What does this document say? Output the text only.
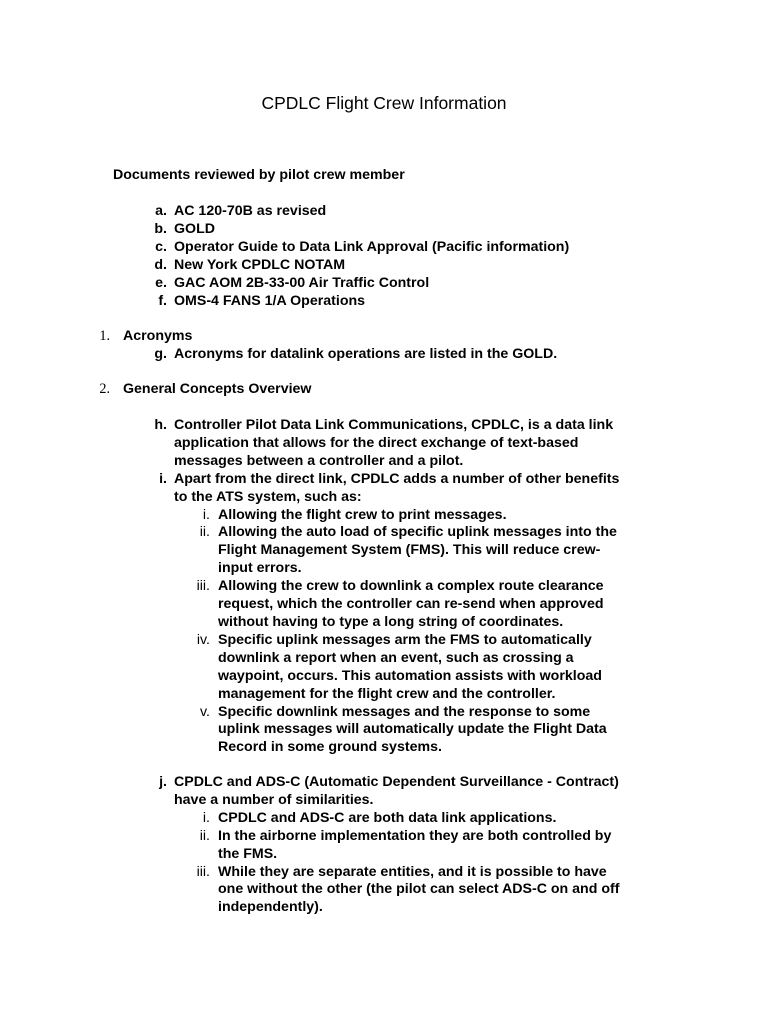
CPDLC Flight Crew Information
Documents reviewed by pilot crew member
a. AC 120-70B as revised
b. GOLD
c. Operator Guide to Data Link Approval (Pacific information)
d. New York CPDLC NOTAM
e. GAC AOM 2B-33-00 Air Traffic Control
f. OMS-4 FANS 1/A Operations
1. Acronyms
g. Acronyms for datalink operations are listed in the GOLD.
2. General Concepts Overview
h. Controller Pilot Data Link Communications, CPDLC, is a data link
application that allows for the direct exchange of text-based
messages between a controller and a pilot.
i. Apart from the direct link, CPDLC adds a number of other benefits
to the ATS system, such as:
i. Allowing the flight crew to print messages.
ii. Allowing the auto load of specific uplink messages into the
Flight Management System (FMS). This will reduce crew-
input errors.
iii. Allowing the crew to downlink a complex route clearance
request, which the controller can re-send when approved
without having to type a long string of coordinates.
iv. Specific uplink messages arm the FMS to automatically
downlink a report when an event, such as crossing a
waypoint, occurs. This automation assists with workload
management for the flight crew and the controller.
v. Specific downlink messages and the response to some
uplink messages will automatically update the Flight Data
Record in some ground systems.
j. CPDLC and ADS-C (Automatic Dependent Surveillance - Contract)
have a number of similarities.
i. CPDLC and ADS-C are both data link applications.
ii. In the airborne implementation they are both controlled by
the FMS.
iii. While they are separate entities, and it is possible to have
one without the other (the pilot can select ADS-C on and off
independently).
